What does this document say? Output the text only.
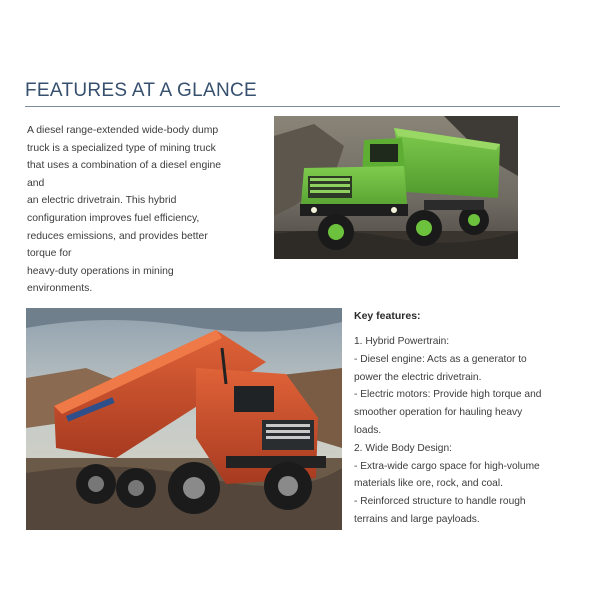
FEATURES AT A GLANCE
A diesel range-extended wide-body dump
truck is a specialized type of mining truck
that uses a combination of a diesel engine
and
an electric drivetrain. This hybrid
configuration improves fuel efficiency,
reduces emissions, and provides better
torque for
heavy-duty operations in mining
environments.
Key features:
1. Hybrid Powertrain:
- Diesel engine: Acts as a generator to
power the electric drivetrain.
- Electric motors: Provide high torque and
smoother operation for hauling heavy
loads.
2. Wide Body Design:
- Extra-wide cargo space for high-volume
materials like ore, rock, and coal.
- Reinforced structure to handle rough
terrains and large payloads.
